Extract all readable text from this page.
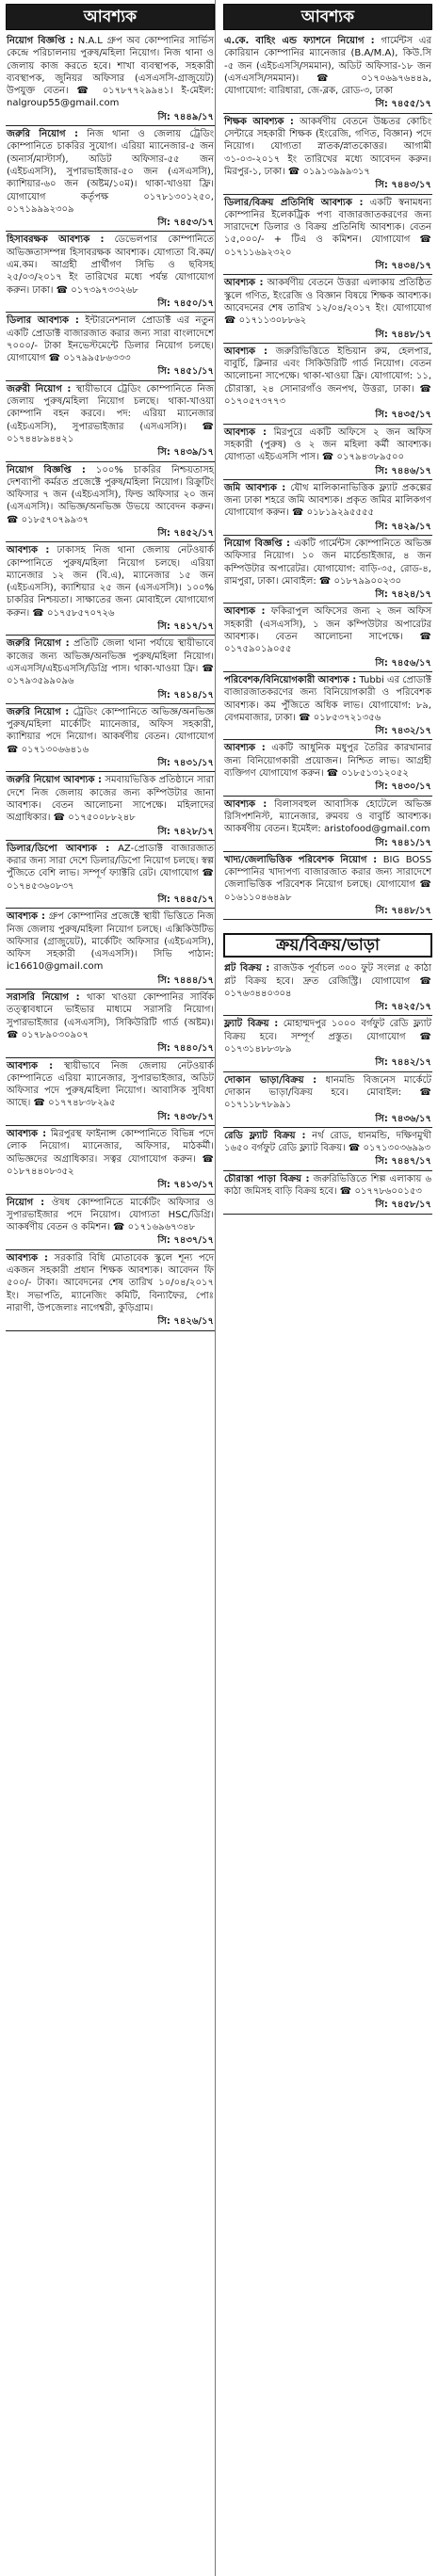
আবশ্যক
নিয়োগ বিজ্ঞপ্তি : N.A.L গ্রুপ অব কোম্পানির সার্ভিস কেন্দ্রে পরিচালনায় পুরুষ/মহিলা নিয়োগ। নিজ থানা ও জেলায় কাজ করতে হবে। শাখা ব্যবস্থাপক, সহকারী ব্যবস্থাপক, জুনিয়র অফিসার (এসএসসি-গ্রাজুয়েট) উপযুক্ত বেতন। ☎ ০১৭৮৭৭২৯৯৪১। ই-মেইল: nalgroup55@gmail.com
সি: ৭৪৪৯/১৭
জরুরি নিয়োগ : নিজ থানা ও জেলায় ট্রেডিং কোম্পানিতে চাকরির সুযোগ। এরিয়া ম্যানেজার-৫ জন (অনার্স/মাস্টার্স), অডিট অফিসার-৫৫ জন (এইচএসসি), সুপারভাইজার-৫০ জন (এসএসসি), ক্যাশিয়ার-৬০ জন (অষ্টম/১০ম)। থাকা-খাওয়া ফ্রি। যোগাযোগ কর্তৃপক্ষ ০১৭৮১৩০১২৫০, ০১৭১৯৯৯২৩০৯
সি: ৭৪৫৩/১৭
হিসাবরক্ষক আবশ্যক : ডেভেলপার কোম্পানিতে অভিজ্ঞতাসম্পন্ন হিসাবরক্ষক আবশ্যক। যোগ্যতা বি.কম/এম.কম। আগ্রহী প্রার্থীগণ সিভি ও ছবিসহ ২৫/০৩/২০১৭ ইং তারিখের মধ্যে পর্যন্ত যোগাযোগ করুন। ঢাকা। ☎ ০১৭৩৯৭৩৩২৬৮
সি: ৭৪৫০/১৭
ডিলার আবশ্যক : ইন্টারনেশনাল প্রোডাক্ট এর নতুন একটি প্রোডাক্ট বাজারজাত করার জন্য সারা বাংলাদেশে ৭০০০/- টাকা ইনভেস্টমেন্টে ডিলার নিয়োগ চলছে। যোগাযোগ ☎ ০১৭৯৯৫৮৬৩৩৩
সি: ৭৪৫১/১৭
জরুরী নিয়োগ : স্থায়ীভাবে ট্রেডিং কোম্পানিতে নিজ জেলায় পুরুষ/মহিলা নিয়োগ চলছে। থাকা-খাওয়া কোম্পানি বহন করবে। পদ: এরিয়া ম্যানেজার (এইচএসসি), সুপারভাইজার (এসএসসি)। ☎ ০১৭৪৪৮৯৪৪২১
সি: ৭৪৩৯/১৭
নিয়োগ বিজ্ঞপ্তি : ১০০% চাকরির নিশ্চয়তাসহ দেশব্যাপী কর্মরত প্রজেক্টে পুরুষ/মহিলা নিয়োগ। রিক্রুটিং অফিসার ৭ জন (এইচএসসি), ফিল্ড অফিসার ২০ জন (এসএসসি)। অভিজ্ঞ/অনভিজ্ঞ উভয়ে আবেদন করুন। ☎ ০১৮৫৭০৭৯৯৩৭
সি: ৭৪৫২/১৭
আবশ্যক : ঢাকাসহ নিজ থানা জেলায় নেটওয়ার্ক কোম্পানিতে পুরুষ/মহিলা নিয়োগ চলছে। এরিয়া ম্যানেজার ১২ জন (বি.এ), ম্যানেজার ১৫ জন (এইচএসসি), ক্যাশিয়ার ২৫ জন (এসএসসি)। ১০০% চাকরির নিশ্চয়তা। সাক্ষাতের জন্য মোবাইলে যোগাযোগ করুন। ☎ ০১৭৫৮৫৭০৭২৬
সি: ৭৪১৭/১৭
জরুরি নিয়োগ : প্রতিটি জেলা থানা পর্যায়ে স্থায়ীভাবে কাজের জন্য অভিজ্ঞ/অনভিজ্ঞ পুরুষ/মহিলা নিয়োগ। এসএসসি/এইচএসসি/ডিগ্রি পাস। থাকা-খাওয়া ফ্রি। ☎ ০১৭৯৩৫৯৯০৯৬
সি: ৭৪১৪/১৭
জরুরি নিয়োগ : ট্রেডিং কোম্পানিতে অভিজ্ঞ/অনভিজ্ঞ পুরুষ/মহিলা মার্কেটিং ম্যানেজার, অফিস সহকারী, ক্যাশিয়ার পদে নিয়োগ। আকর্ষণীয় বেতন। যোগাযোগ ☎ ০১৭১৩০৬৬৪১৬
সি: ৭৪৩১/১৭
জরুরি নিয়োগ আবশ্যক : সমবায়ভিত্তিক প্রতিষ্ঠানে সারা দেশে নিজ জেলায় কাজের জন্য কম্পিউটার জানা আবশ্যক। বেতন আলোচনা সাপেক্ষে। মহিলাদের অগ্রাধিকার। ☎ ০১৭৫০০৮৮২৪৮
সি: ৭৪২৮/১৭
ডিলার/ডিপো আবশ্যক : AZ-প্রোডাক্ট বাজারজাত করার জন্য সারা দেশে ডিলার/ডিপো নিয়োগ চলছে। স্বল্প পুঁজিতে বেশি লাভ। সম্পূর্ণ ফ্যাক্টরি রেট। যোগাযোগ ☎ ০১৭৪৫৩৬০৮৩৭
সি: ৭৪৪৫/১৭
আবশ্যক : গ্রুপ কোম্পানির প্রজেক্টে স্থায়ী ভিত্তিতে নিজ নিজ জেলায় পুরুষ/মহিলা নিয়োগ চলছে। এক্সিকিউটিভ অফিসার (গ্রাজুয়েট), মার্কেটিং অফিসার (এইচএসসি), অফিস সহকারী (এসএসসি)। সিভি পাঠান: ic16610@gmail.com
সি: ৭৪৪৪/১৭
সরাসরি নিয়োগ : থাকা খাওয়া কোম্পানির সার্বিক তত্ত্বাবধানে ভাইভার মাধ্যমে সরাসরি নিয়োগ। সুপারভাইজার (এসএসসি), সিকিউরিটি গার্ড (অষ্টম)। ☎ ০১৭৮৯০৩০৯০৭
সি: ৭৪৪০/১৭
আবশ্যক : স্থায়ীভাবে নিজ জেলায় নেটওয়ার্ক কোম্পানিতে এরিয়া ম্যানেজার, সুপারভাইজার, অডিট অফিসার পদে পুরুষ/মহিলা নিয়োগ। আবাসিক সুবিধা আছে। ☎ ০১৭৭৪৮৩৮২৯৫
সি: ৭৪৩৮/১৭
আবশ্যক : মিরপুরস্থ ফাইনান্স কোম্পানিতে বিভিন্ন পদে লোক নিয়োগ। ম্যানেজার, অফিসার, মাঠকর্মী। অভিজ্ঞদের অগ্রাধিকার। সত্বর যোগাযোগ করুন। ☎ ০১৮৭৪৪০৮৩৫২
সি: ৭৪১৩/১৭
নিয়োগ : ঔষধ কোম্পানিতে মার্কেটিং অফিসার ও সুপারভাইজার পদে নিয়োগ। যোগ্যতা HSC/ডিগ্রি। আকর্ষণীয় বেতন ও কমিশন। ☎ ০১৭১৬৯৬৭৩৪৮
সি: ৭৪৩৭/১৭
আবশ্যক : সরকারি বিধি মোতাবেক স্কুলে শূন্য পদে একজন সহকারী প্রধান শিক্ষক আবশ্যক। আবেদন ফি ৫০০/- টাকা। আবেদনের শেষ তারিখ ১০/০৪/২০১৭ ইং। সভাপতি, ম্যানেজিং কমিটি, বিন্যাফৈর, পোঃ নারাণী, উপজেলাঃ নাগেশ্বরী, কুড়িগ্রাম।
সি: ৭৪২৬/১৭
আবশ্যক
এ.কে. বাহিং এন্ড ফ্যাশনে নিয়োগ : গার্মেন্টস এর কোরিয়ান কোম্পানির ম্যানেজার (B.A/M.A), কিউ.সি -৫ জন (এইচএসসি/সমমান), অডিট অফিসার-১৮ জন (এসএসসি/সমমান)। ☎ ০১৭০৬৯৭৬৪৪৯, যোগাযোগ: বারিধারা, জে-ব্লক, রোড-৩, ঢাকা
সি: ৭৪৫৫/১৭
শিক্ষক আবশ্যক : আকর্ষণীয় বেতনে উচ্চতর কোচিং সেন্টারে সহকারী শিক্ষক (ইংরেজি, গণিত, বিজ্ঞান) পদে নিয়োগ। যোগ্যতা স্নাতক/স্নাতকোত্তর। আগামী ৩১-০৩-২০১৭ ইং তারিখের মধ্যে আবেদন করুন। মিরপুর-১, ঢাকা। ☎ ০১৯১৩৯৯৯৩১৭
সি: ৭৪৪৩/১৭
ডিলার/বিক্রয় প্রতিনিধি আবশ্যক : একটি স্বনামধন্য কোম্পানির ইলেকট্রিক পণ্য বাজারজাতকরণের জন্য সারাদেশে ডিলার ও বিক্রয় প্রতিনিধি আবশ্যক। বেতন ১৫,০০০/- + টিএ ও কমিশন। যোগাযোগ ☎ ০১৭১১৬৯২৩২০
সি: ৭৪৩৪/১৭
আবশ্যক : আকর্ষণীয় বেতনে উত্তরা এলাকায় প্রতিষ্ঠিত স্কুলে গণিত, ইংরেজি ও বিজ্ঞান বিষয়ে শিক্ষক আবশ্যক। আবেদনের শেষ তারিখ ১২/০৪/২০১৭ ইং। যোগাযোগ ☎ ০১৭১১৩০৮৮৬২
সি: ৭৪৪৮/১৭
আবশ্যক : জরুরিভিত্তিতে ইন্ডিয়ান রুম, হেলপার, বাবুর্চি, ক্লিনার এবং সিকিউরিটি গার্ড নিয়োগ। বেতন আলোচনা সাপেক্ষে। থাকা-খাওয়া ফ্রি। যোগাযোগ: ১১, চৌরাস্তা, ২৪ সোনারগাঁও জনপথ, উত্তরা, ঢাকা। ☎ ০১৭০৫৭৩৭৭৩
সি: ৭৪৩৫/১৭
আবশ্যক : মিরপুরে একটি অফিসে ২ জন অফিস সহকারী (পুরুষ) ও ২ জন মহিলা কর্মী আবশ্যক। যোগ্যতা এইচএসসি পাস। ☎ ০১৭৯৪৩৮৯৫০০
সি: ৭৪৪৬/১৭
জমি আবশ্যক : যৌথ মালিকানাভিত্তিক ফ্ল্যাট প্রকল্পের জন্য ঢাকা শহরে জমি আবশ্যক। প্রকৃত জমির মালিকগণ যোগাযোগ করুন। ☎ ০১৮১৯২৯৫৫৫৫
সি: ৭৪২৯/১৭
নিয়োগ বিজ্ঞপ্তি : একটি গার্মেন্টস কোম্পানিতে অভিজ্ঞ অফিসার নিয়োগ। ১০ জন মার্চেন্ডাইজার, ৪ জন কম্পিউটার অপারেটর। যোগাযোগ: বাড়ি-৩৫, রোড-৪, রামপুরা, ঢাকা। মোবাইল: ☎ ০১৮৭৯৯০০২৩০
সি: ৭৪২৪/১৭
আবশ্যক : ফকিরাপুল অফিসের জন্য ২ জন অফিস সহকারী (এসএসসি), ১ জন কম্পিউটার অপারেটর আবশ্যক। বেতন আলোচনা সাপেক্ষে। ☎ ০১৭৫৯০১৯০৫৫
সি: ৭৪৫৬/১৭
পরিবেশক/বিনিয়োগকারী আবশ্যক : Tubbi এর প্রোডাক্ট বাজারজাতকরণের জন্য বিনিয়োগকারী ও পরিবেশক আবশ্যক। কম পুঁজিতে অধিক লাভ। যোগাযোগ: ৮৯, বেগমবাজার, ঢাকা। ☎ ০১৮৫৩৭২১৩৫৬
সি: ৭৪৩২/১৭
আবশ্যক : একটি আধুনিক মধুপুর তৈরির কারখানার জন্য বিনিয়োগকারী প্রয়োজন। নিশ্চিত লাভ। আগ্রহী ব্যক্তিগণ যোগাযোগ করুন। ☎ ০১৮৫১৩১২০৫২
সি: ৭৪৩০/১৭
আবশ্যক : বিলাসবহুল আবাসিক হোটেলে অভিজ্ঞ রিসিপশনিস্ট, ম্যানেজার, রুমবয় ও বাবুর্চি আবশ্যক। আকর্ষণীয় বেতন। ইমেইল: aristofood@gmail.com
সি: ৭৪৪১/১৭
খাদ্য/জেলাভিত্তিক পরিবেশক নিয়োগ : BIG BOSS কোম্পানির খাদ্যপণ্য বাজারজাত করার জন্য সারাদেশে জেলাভিত্তিক পরিবেশক নিয়োগ চলছে। যোগাযোগ ☎ ০১৬১১০৪৬৪৯৮
সি: ৭৪৪৮/১৭
ক্রয়/বিক্রয়/ভাড়া
প্লট বিক্রয় : রাজউক পূর্বাচল ৩০০ ফুট সংলগ্ন ৫ কাঠা প্লট বিক্রয় হবে। দ্রুত রেজিস্ট্রি। যোগাযোগ ☎ ০১৭৬৩৪৪০৩০৪
সি: ৭৪২৫/১৭
ফ্ল্যাট বিক্রয় : মোহাম্মদপুর ১০০০ বর্গফুট রেডি ফ্ল্যাট বিক্রয় হবে। সম্পূর্ণ প্রস্তুত। যোগাযোগ ☎ ০১৭৩১৪৮৮৩৮৯
সি: ৭৪৪২/১৭
দোকান ভাড়া/বিক্রয় : ধানমন্ডি বিজনেস মার্কেটে দোকান ভাড়া/বিক্রয় হবে। মোবাইল: ☎ ০১৭১১৮৭৮৯৯১
সি: ৭৪৩৬/১৭
রেডি ফ্ল্যাট বিক্রয় : নর্থ রোড, ধানমন্ডি, দক্ষিণমুখী ১৬৫০ বর্গফুট রেডি ফ্ল্যাট বিক্রয়। ☎ ০১৭১৩০৩৬৯৯৩
সি: ৭৪৪৭/১৭
চৌরাস্তা পাড়া বিক্রয় : জরুরিভিত্তিতে শিল্প এলাকায় ৬ কাঠা জমিসহ বাড়ি বিক্রয় হবে। ☎ ০১৭৭৮৬০০১৫৩
সি: ৭৪৫৮/১৭
